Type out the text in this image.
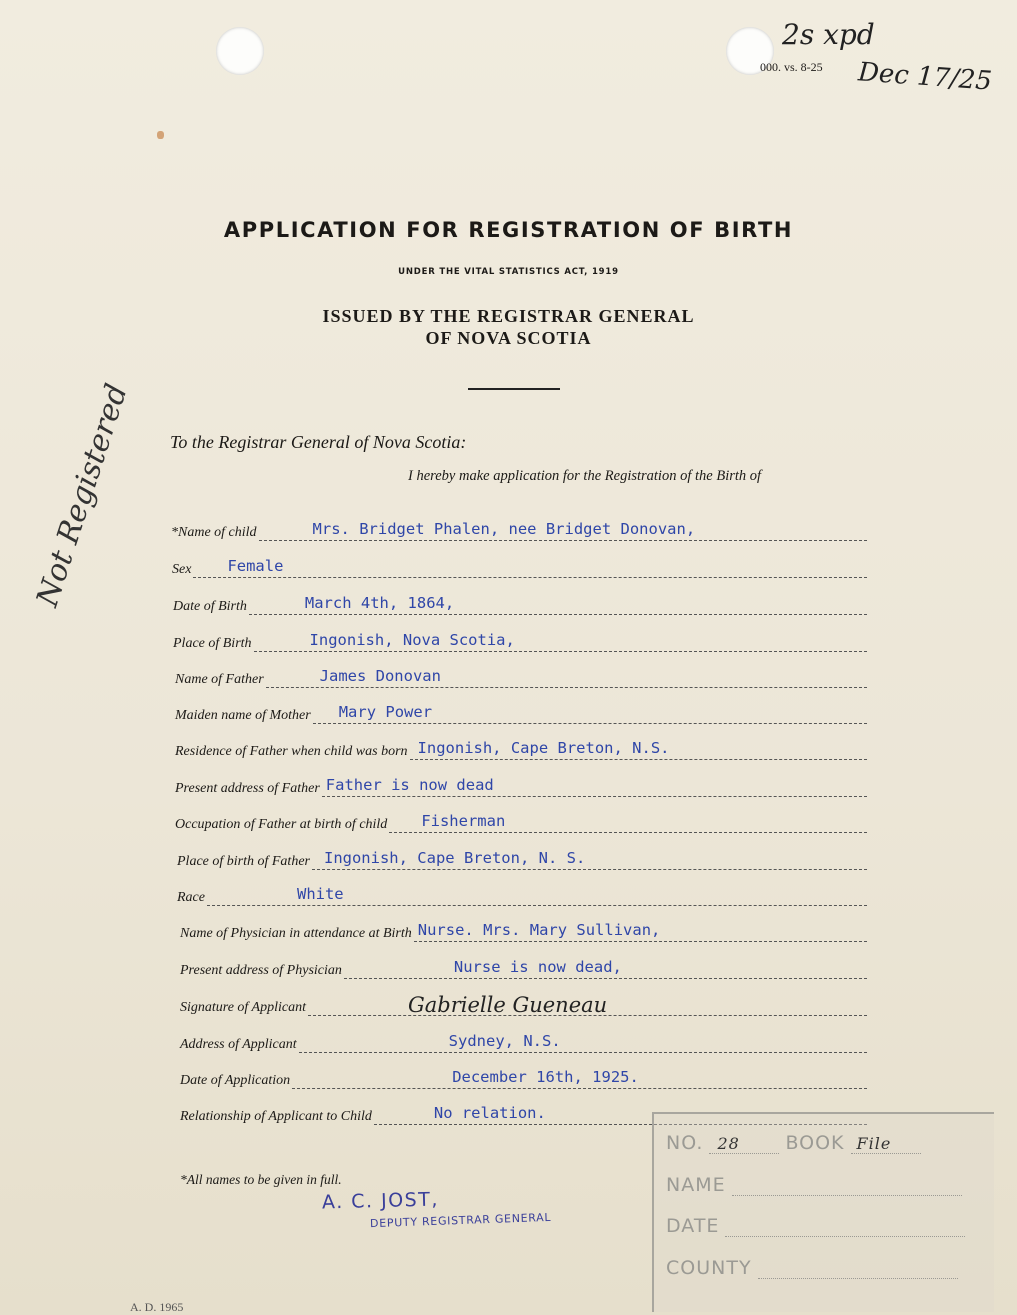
000. vs. 8-25
2s xpd
Dec 17/25
Not Registered
APPLICATION FOR REGISTRATION OF BIRTH
UNDER THE VITAL STATISTICS ACT, 1919
ISSUED BY THE REGISTRAR GENERAL
OF NOVA SCOTIA
To the Registrar General of Nova Scotia:
I hereby make application for the Registration of the Birth of
*Name of child	Mrs. Bridget Phalen, nee Bridget Donovan,
Sex Female
Date of Birth	March 4th, 1864,
Place of Birth	Ingonish, Nova Scotia,
Name of Father	James Donovan
Maiden name of Mother Mary Power
Residence of Father when child was born Ingonish, Cape Breton, N.S.
Present address of Father Father is now dead
Occupation of Father at birth of child Fisherman
Place of birth of Father Ingonish, Cape Breton, N. S.
Race	White
Name of Physician in attendance at Birth Nurse. Mrs. Mary Sullivan,
Present address of Physician	Nurse is now dead,
Signature of Applicant	Gabrielle Gueneau
Address of Applicant	Sydney, N.S.
Date of Application	December 16th, 1925.
Relationship of Applicant to Child	No relation.
*All names to be given in full.
A. C. JOST,
DEPUTY REGISTRAR GENERAL
NO. 28 BOOK File
NAME
DATE
COUNTY
A. D. 1965
